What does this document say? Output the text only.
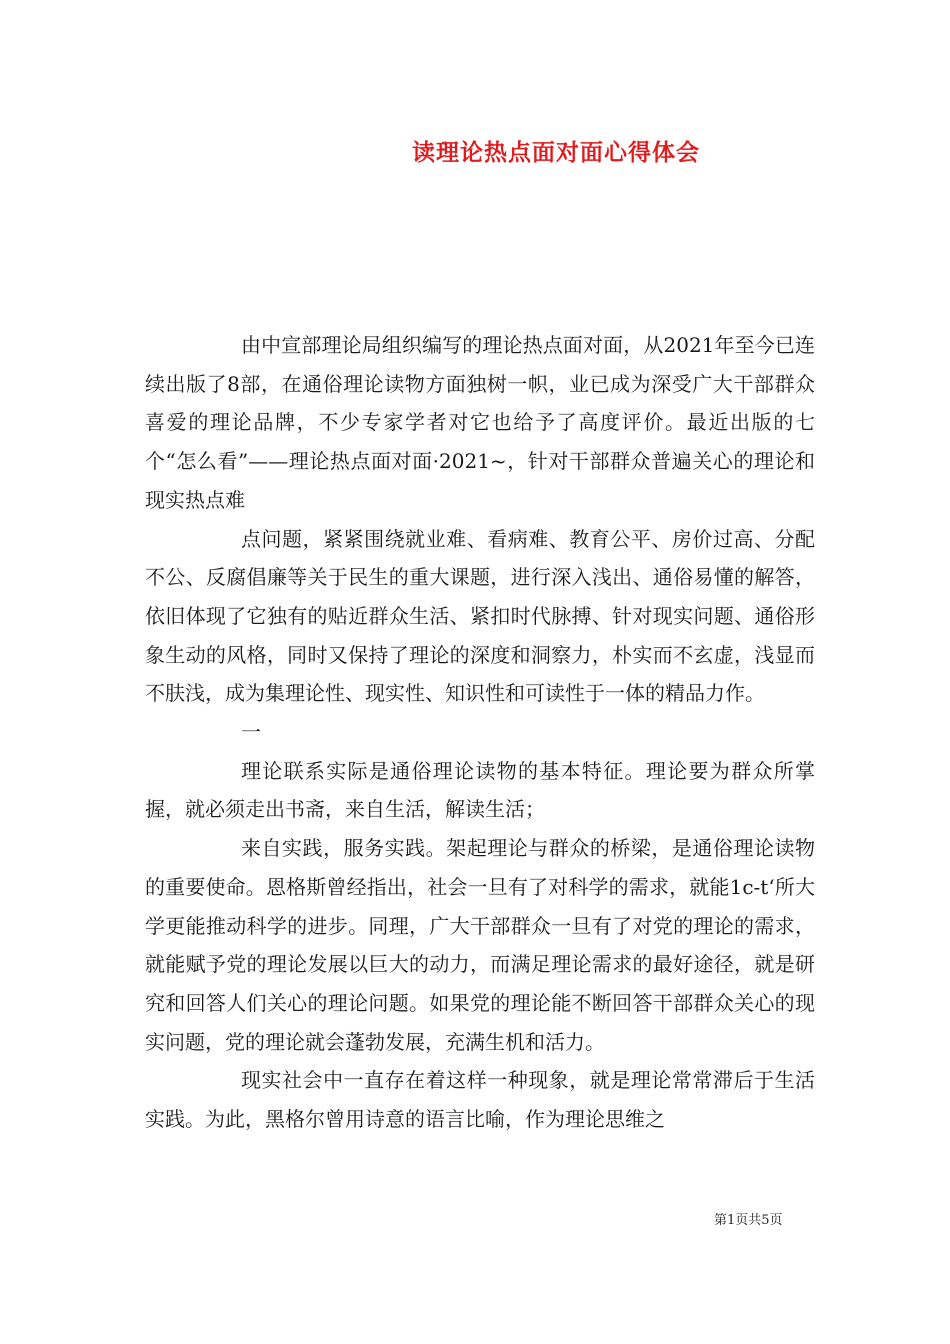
读理论热点面对面心得体会

由中宣部理论局组织编写的理论热点面对面，从2021年至今已连续出版了8部，在通俗理论读物方面独树一帜，业已成为深受广大干部群众喜爱的理论品牌，不少专家学者对它也给予了高度评价。最近出版的七个“怎么看”——理论热点面对面·2021~，针对干部群众普遍关心的理论和现实热点难

点问题，紧紧围绕就业难、看病难、教育公平、房价过高、分配不公、反腐倡廉等关于民生的重大课题，进行深入浅出、通俗易懂的解答，依旧体现了它独有的贴近群众生活、紧扣时代脉搏、针对现实问题、通俗形象生动的风格，同时又保持了理论的深度和洞察力，朴实而不玄虚，浅显而不肤浅，成为集理论性、现实性、知识性和可读性于一体的精品力作。

一

理论联系实际是通俗理论读物的基本特征。理论要为群众所掌握，就必须走出书斋，来自生活，解读生活；

来自实践，服务实践。架起理论与群众的桥梁，是通俗理论读物的重要使命。恩格斯曾经指出，社会一旦有了对科学的需求，就能1c-t‘所大学更能推动科学的进步。同理，广大干部群众一旦有了对党的理论的需求，就能赋予党的理论发展以巨大的动力，而满足理论需求的最好途径，就是研究和回答人们关心的理论问题。如果党的理论能不断回答干部群众关心的现实问题，党的理论就会蓬勃发展，充满生机和活力。

现实社会中一直存在着这样一种现象，就是理论常常滞后于生活实践。为此，黑格尔曾用诗意的语言比喻，作为理论思维之

第1页共5页
